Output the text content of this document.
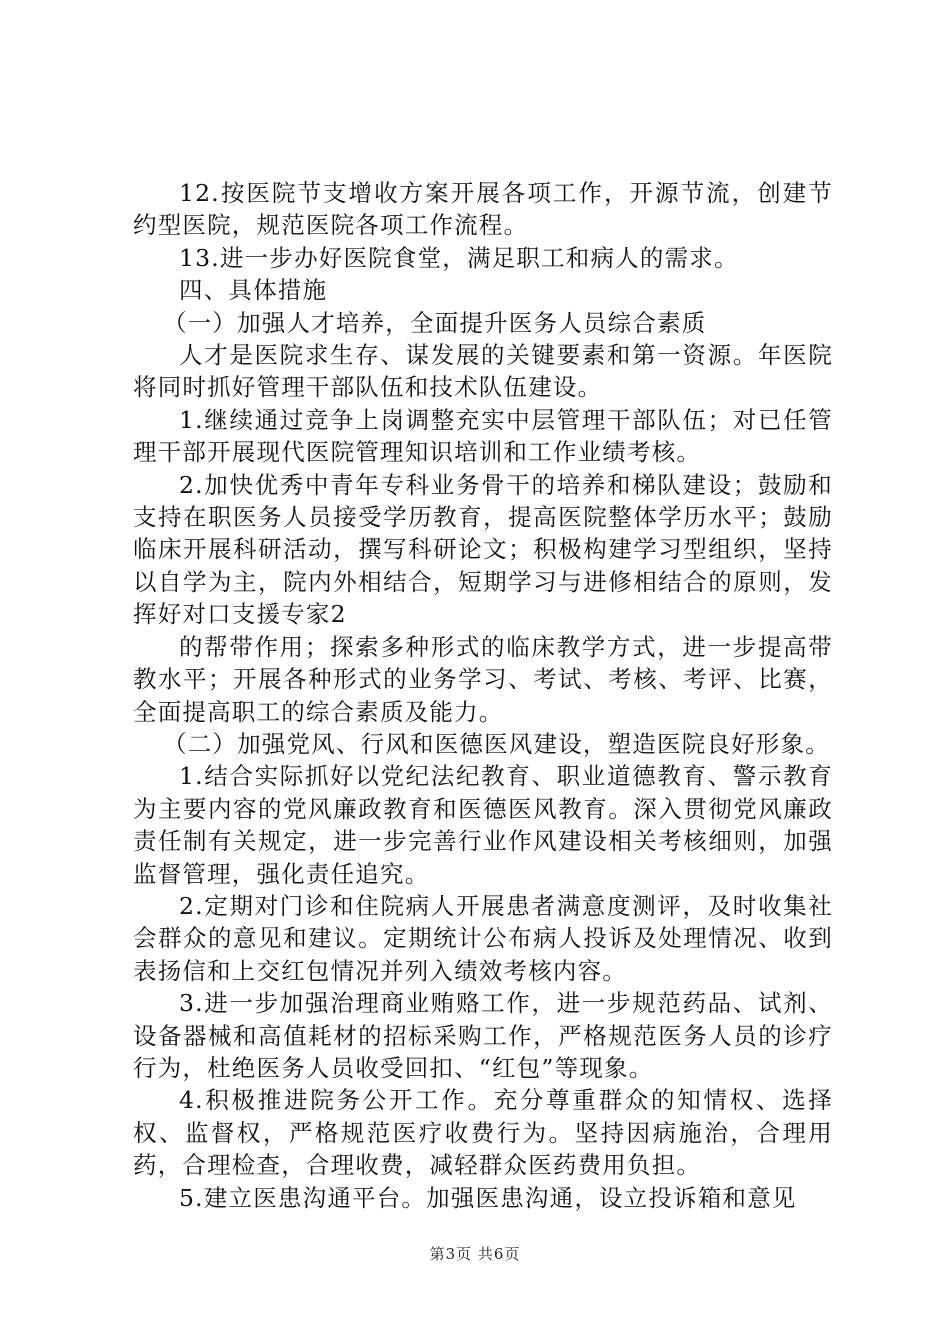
12.按医院节支增收方案开展各项工作，开源节流，创建节约型医院，规范医院各项工作流程。

13.进一步办好医院食堂，满足职工和病人的需求。

四、具体措施

（一）加强人才培养，全面提升医务人员综合素质

人才是医院求生存、谋发展的关键要素和第一资源。年医院将同时抓好管理干部队伍和技术队伍建设。

1.继续通过竞争上岗调整充实中层管理干部队伍；对已任管理干部开展现代医院管理知识培训和工作业绩考核。

2.加快优秀中青年专科业务骨干的培养和梯队建设；鼓励和支持在职医务人员接受学历教育，提高医院整体学历水平；鼓励临床开展科研活动，撰写科研论文；积极构建学习型组织，坚持以自学为主，院内外相结合，短期学习与进修相结合的原则，发挥好对口支援专家2

的帮带作用；探索多种形式的临床教学方式，进一步提高带教水平；开展各种形式的业务学习、考试、考核、考评、比赛，全面提高职工的综合素质及能力。

（二）加强党风、行风和医德医风建设，塑造医院良好形象。

1.结合实际抓好以党纪法纪教育、职业道德教育、警示教育为主要内容的党风廉政教育和医德医风教育。深入贯彻党风廉政责任制有关规定，进一步完善行业作风建设相关考核细则，加强监督管理，强化责任追究。

2.定期对门诊和住院病人开展患者满意度测评，及时收集社会群众的意见和建议。定期统计公布病人投诉及处理情况、收到表扬信和上交红包情况并列入绩效考核内容。

3.进一步加强治理商业贿赂工作，进一步规范药品、试剂、设备器械和高值耗材的招标采购工作，严格规范医务人员的诊疗行为，杜绝医务人员收受回扣、“红包”等现象。

4.积极推进院务公开工作。充分尊重群众的知情权、选择权、监督权，严格规范医疗收费行为。坚持因病施治，合理用药，合理检查，合理收费，减轻群众医药费用负担。

5.建立医患沟通平台。加强医患沟通，设立投诉箱和意见

第3页 共6页
